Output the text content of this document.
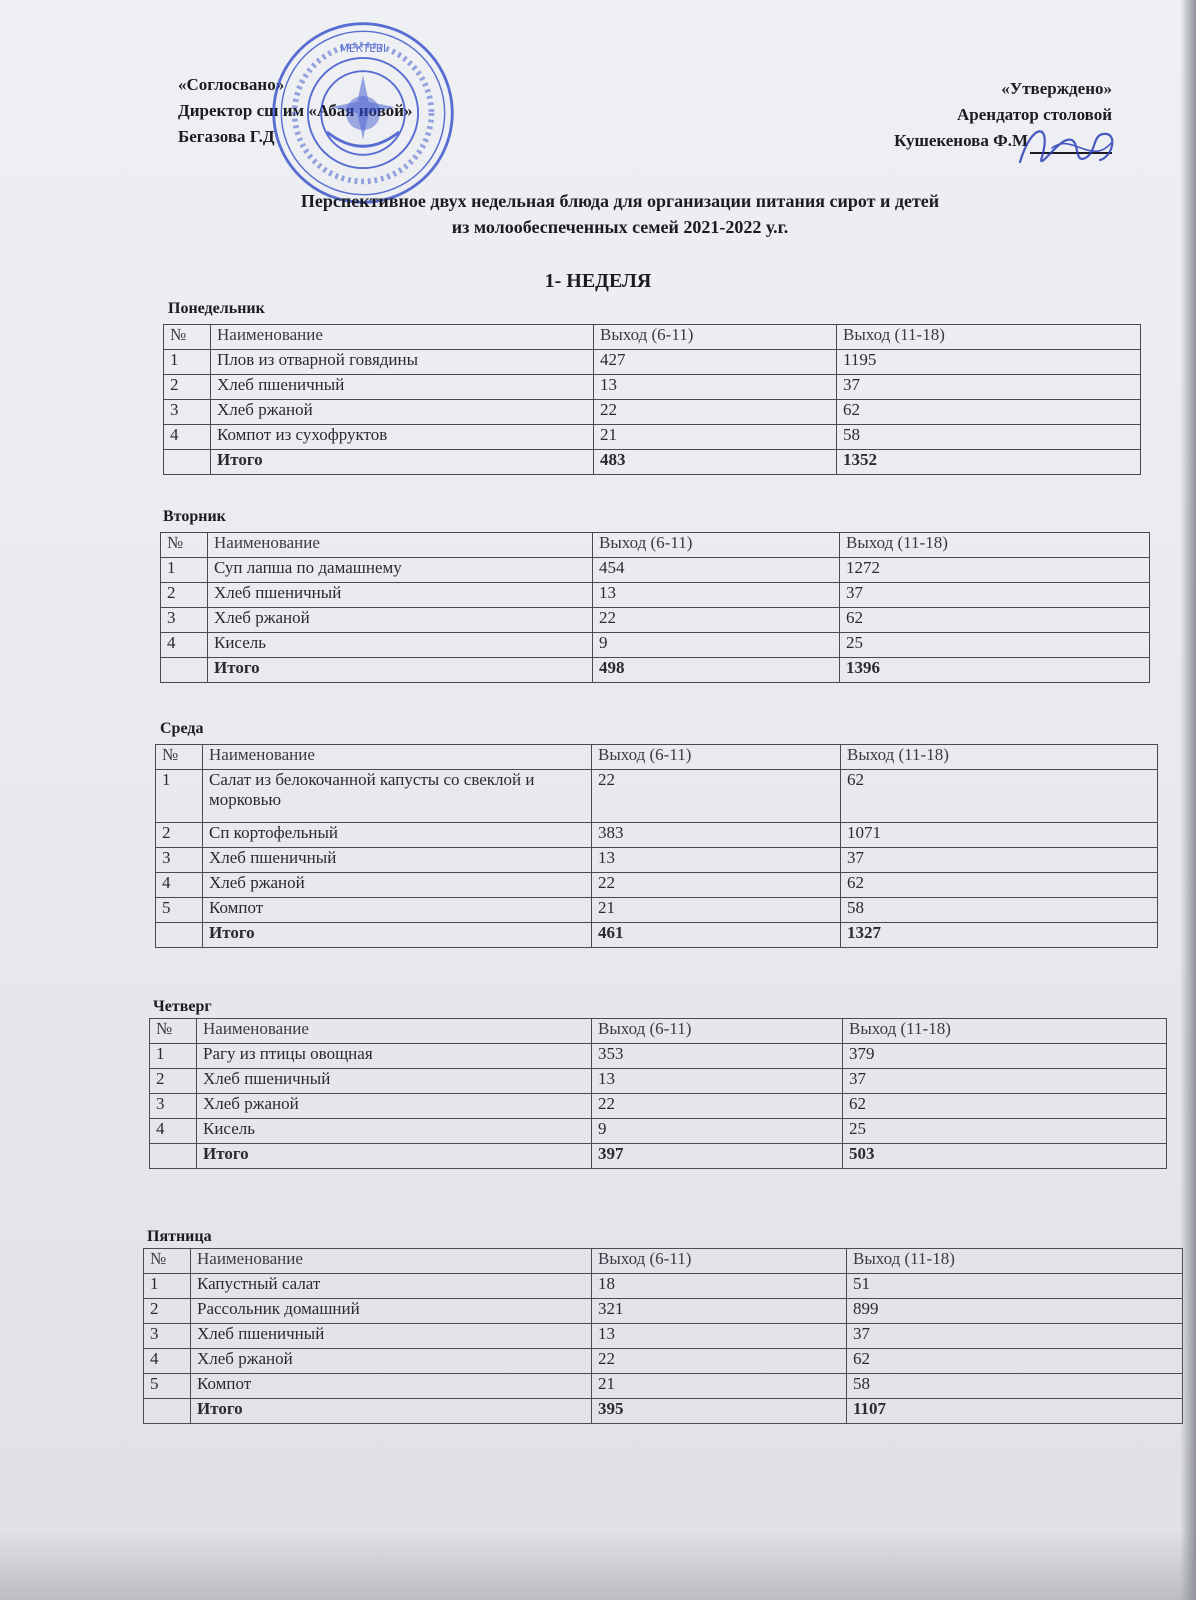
«Соглосвано»
Директор сш им «Абая новой»
Бегазова Г.Д
«Утверждено»
Арендатор столовой
Кушекенова Ф.М
МЕКТЕБI
Перспективное двух недельная блюда для организации питания сирот и детей
из молообеспеченных семей 2021-2022 у.г.
1- НЕДЕЛЯ
Понедельник
№	Наименование	Выход (6-11)	Выход (11-18)
1	Плов из отварной говядины	427	1195
2	Хлеб пшеничный	13	37
3	Хлеб ржаной	22	62
4	Компот из сухофруктов	21	58
	Итого	483	1352
Вторник
№	Наименование	Выход (6-11)	Выход (11-18)
1	Суп лапша по дамашнему	454	1272
2	Хлеб пшеничный	13	37
3	Хлеб ржаной	22	62
4	Кисель	9	25
	Итого	498	1396
Среда
№	Наименование	Выход (6-11)	Выход (11-18)
1	Салат из белокочанной капусты со свеклой и морковью	22	62
2	Сп кортофельный	383	1071
3	Хлеб пшеничный	13	37
4	Хлеб ржаной	22	62
5	Компот	21	58
	Итого	461	1327
Четверг
№	Наименование	Выход (6-11)	Выход (11-18)
1	Рагу из птицы овощная	353	379
2	Хлеб пшеничный	13	37
3	Хлеб ржаной	22	62
4	Кисель	9	25
	Итого	397	503
Пятница
№	Наименование	Выход (6-11)	Выход (11-18)
1	Капустный салат	18	51
2	Рассольник домашний	321	899
3	Хлеб пшеничный	13	37
4	Хлеб ржаной	22	62
5	Компот	21	58
	Итого	395	1107
